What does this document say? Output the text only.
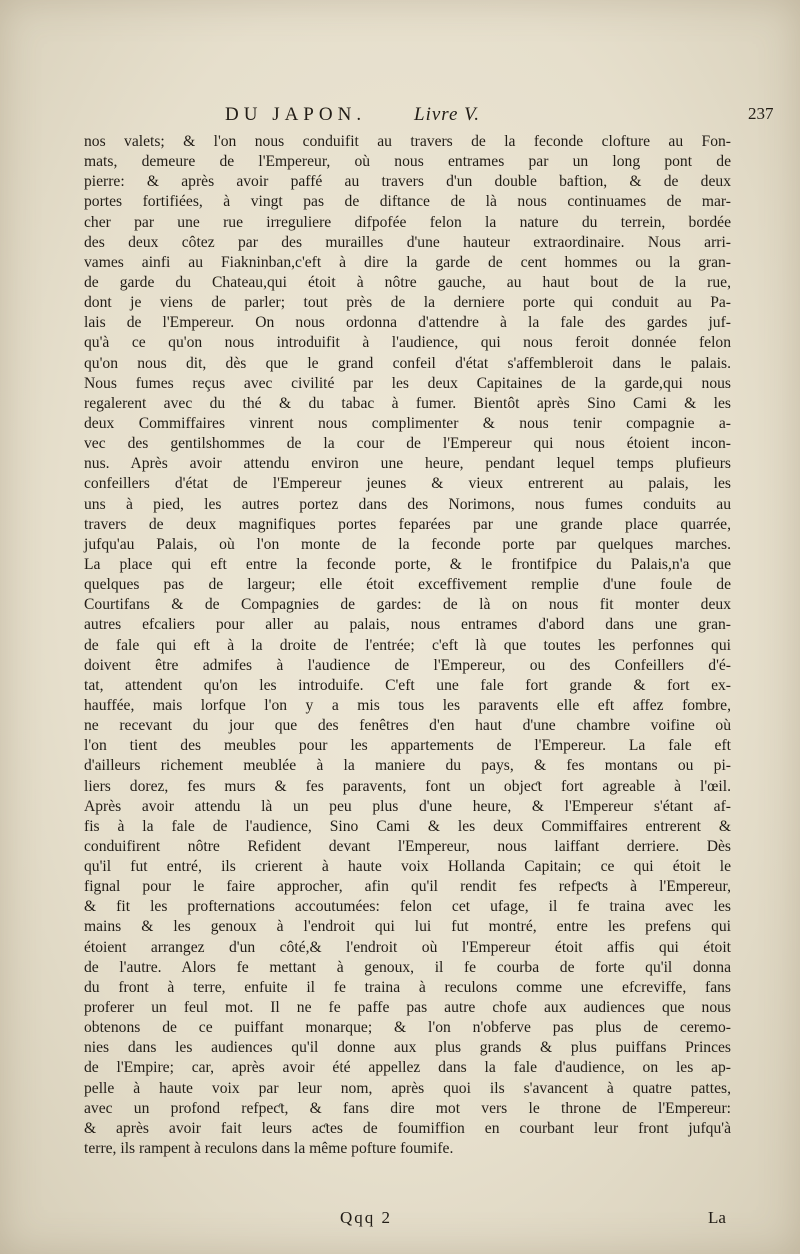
DU JAPON.	Livre V.	237
nos valets; & l'on nous conduifit au travers de la feconde clofture au Fon-
mats, demeure de l'Empereur, où nous entrames par un long pont de
pierre: & après avoir paffé au travers d'un double baftion, & de deux
portes fortifiées, à vingt pas de diftance de là nous continuames de mar-
cher par une rue irreguliere difpofée felon la nature du terrein, bordée
des deux côtez par des murailles d'une hauteur extraordinaire. Nous arri-
vames ainfi au Fiakninban,c'eft à dire la garde de cent hommes ou la gran-
de garde du Chateau,qui étoit à nôtre gauche, au haut bout de la rue,
dont je viens de parler; tout près de la derniere porte qui conduit au Pa-
lais de l'Empereur. On nous ordonna d'attendre à la fale des gardes juf-
qu'à ce qu'on nous introduifit à l'audience, qui nous feroit donnée felon
qu'on nous dit, dès que le grand confeil d'état s'affembleroit dans le palais.
Nous fumes reçus avec civilité par les deux Capitaines de la garde,qui nous
regalerent avec du thé & du tabac à fumer. Bientôt après Sino Cami & les
deux Commiffaires vinrent nous complimenter & nous tenir compagnie a-
vec des gentilshommes de la cour de l'Empereur qui nous étoient incon-
nus. Après avoir attendu environ une heure, pendant lequel temps plufieurs
confeillers d'état de l'Empereur jeunes & vieux entrerent au palais, les
uns à pied, les autres portez dans des Norimons, nous fumes conduits au
travers de deux magnifiques portes feparées par une grande place quarrée,
jufqu'au Palais, où l'on monte de la feconde porte par quelques marches.
La place qui eft entre la feconde porte, & le frontifpice du Palais,n'a que
quelques pas de largeur; elle étoit exceffivement remplie d'une foule de
Courtifans & de Compagnies de gardes: de là on nous fit monter deux
autres efcaliers pour aller au palais, nous entrames d'abord dans une gran-
de fale qui eft à la droite de l'entrée; c'eft là que toutes les perfonnes qui
doivent être admifes à l'audience de l'Empereur, ou des Confeillers d'é-
tat, attendent qu'on les introduife. C'eft une fale fort grande & fort ex-
hauffée, mais lorfque l'on y a mis tous les paravents elle eft affez fombre,
ne recevant du jour que des fenêtres d'en haut d'une chambre voifine où
l'on tient des meubles pour les appartements de l'Empereur. La fale eft
d'ailleurs richement meublée à la maniere du pays, & fes montans ou pi-
liers dorez, fes murs & fes paravents, font un objeƈt fort agreable à l'œil.
Après avoir attendu là un peu plus d'une heure, & l'Empereur s'étant af-
fis à la fale de l'audience, Sino Cami & les deux Commiffaires entrerent &
conduifirent nôtre Refident devant l'Empereur, nous laiffant derriere. Dès
qu'il fut entré, ils crierent à haute voix Hollanda Capitain; ce qui étoit le
fignal pour le faire approcher, afin qu'il rendit fes refpeƈts à l'Empereur,
& fit les profternations accoutumées: felon cet ufage, il fe traina avec les
mains & les genoux à l'endroit qui lui fut montré, entre les prefens qui
étoient arrangez d'un côté,& l'endroit où l'Empereur étoit affis qui étoit
de l'autre. Alors fe mettant à genoux, il fe courba de forte qu'il donna
du front à terre, enfuite il fe traina à reculons comme une efcreviffe, fans
proferer un feul mot. Il ne fe paffe pas autre chofe aux audiences que nous
obtenons de ce puiffant monarque; & l'on n'obferve pas plus de ceremo-
nies dans les audiences qu'il donne aux plus grands & plus puiffans Princes
de l'Empire; car, après avoir été appellez dans la fale d'audience, on les ap-
pelle à haute voix par leur nom, après quoi ils s'avancent à quatre pattes,
avec un profond refpeƈt, & fans dire mot vers le throne de l'Empereur:
& après avoir fait leurs aƈtes de foumiffion en courbant leur front jufqu'à
terre, ils rampent à reculons dans la même pofture foumife.
Qqq 2	La
